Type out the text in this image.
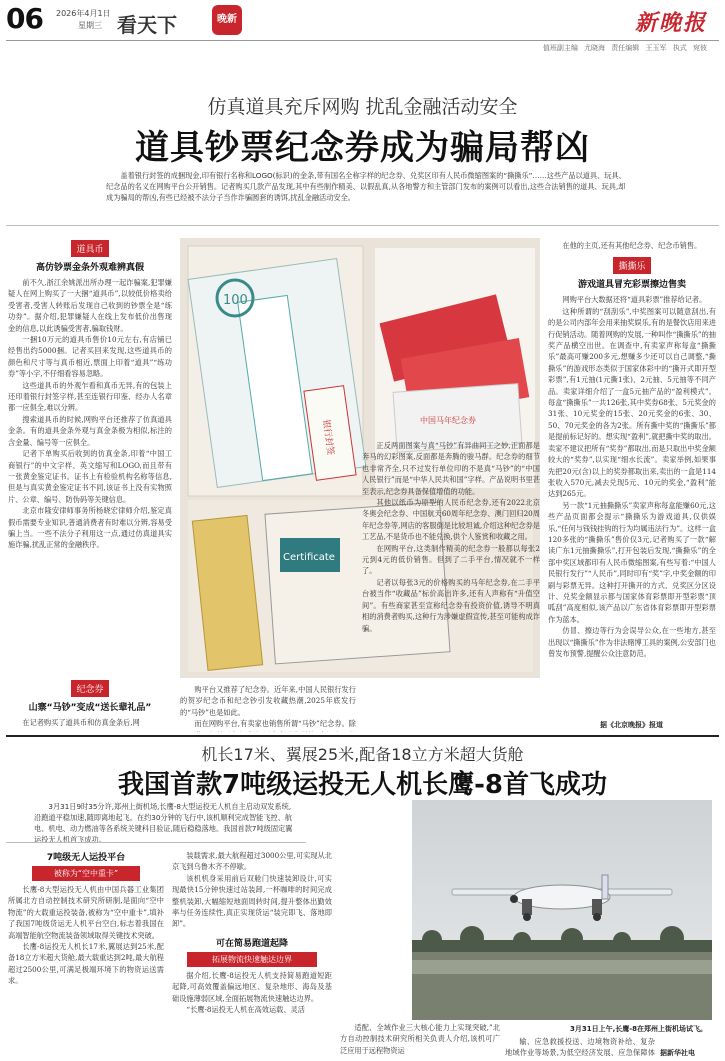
06 2026年4月1日
星期三 看天下	晚新	新晚报
值班副主编 尤晓海 责任编辑 王玉军 执式 宛彼
仿真道具充斥网购 扰乱金融活动安全
道具钞票纪念券成为骗局帮凶
盖着银行封签的成捆现金,印有银行名称和LOGO(标识)的金条,带有国名全称字样的纪念券、兑奖区印有人民币微缩图案的“撕撕乐”……这些产品以道具、玩具、纪念品的名义在网购平台公开销售。记者购买几款产品发现,其中有些制作精美、以假乱真,从各地警方和主管部门发布的案例可以看出,这些合法销售的道具、玩具,却成为骗局的帮凶,有些已经被不法分子当作诈骗圆套的诱饵,扰乱金融活动安全。
道具币
高仿钞票金条外观难辨真假

前不久,浙江余姚派出所办理一起诈骗案,犯罪嫌疑人在网上购买了一大捆“道具币”,以较低价格卖给受害者,受害人转账后发现自己收到的钞票全是“练功券”。据介绍,犯罪嫌疑人在线上发布低价出售现金的信息,以此诱骗受害者,骗取钱财。

一捆10万元的道具币售价10元左右,有店铺已经售出约5000捆。记者买回来发现,这些道具币的颜色和尺寸等与真币相近,票面上印着“道具”“练功券”等小字,不仔细看容易忽略。

这些道具币的外观乍看和真币无异,有的包装上还印着银行封签字样,甚至连银行印鉴、经办人名章都一应俱全,难以分辨。

搜索道具币的时候,网购平台还推荐了仿真道具金条。有的道具金条外观与真金条极为相似,标注的含金量、编号等一应俱全。

记者下单购买后收到的仿真金条,印着“中国工商银行”的中文字样、英文缩写和LOGO,而且带有一张黄金鉴定证书。证书上有检验机构名称等信息,但是与真实黄金鉴定证书不同,该证书上没有实物照片、公章、编号、防伪码等关键信息。

北京市隆安律师事务所杨晓宏律师介绍,鉴定真假币需要专业知识,普通消费者有时难以分辨,容易受骗上当。一些不法分子利用这一点,通过仿真道具实施诈骗,扰乱正常的金融秩序。

纪念券
山寨“马钞”变成“送长辈礼品”

在记者购买了道具币和仿真金条后,网

100
银行封签	中国马年纪念券
Certificate

购平台又推荐了纪念券。近年来,中国人民银行发行的贺岁纪念币和纪念钞引发收藏热潮,2025年底发行的“马钞”也是如此。

而在网购平台,有卖家也销售所谓“马钞”纪念券。除

正反两面图案与真“马钞”有异曲同工之妙,正面都是奔马的幻彩图案,反面都是奔腾的骏马群。纪念券的细节也非常齐全,只不过发行单位印的不是真“马钞”的“中国人民银行”而是“中华人民共和国”字样。产品说明书里甚至表示,纪念券具备保值增值的功能。

其他以纸币为原型的人民币纪念券,还有2022北京冬奥会纪念券、中国航天60周年纪念券、澳门回归20周年纪念券等,网店的客服倒是比较坦诚,介绍这种纪念券是工艺品,不是货币也不能兑换,供个人鉴赏和收藏之用。

在网购平台,这类制作精美的纪念券一般都以每张2元到4元的低价销售。但到了二手平台,情况就不一样了。

记者以每张3元的价格购买的马年纪念券,在二手平台被当作“收藏品”标价高出许多,还有人声称有“升值空间”。有些商家甚至宣称纪念券有投资价值,诱导不明真相的消费者购买,这种行为涉嫌虚假宣传,甚至可能构成诈骗。

在他的主页,还有其他纪念券、纪念币销售。

撕撕乐
游戏道具冒充彩票擦边售卖

网购平台大数据还将“道具彩票”推荐给记者。

这种所谓的“刮刮乐”,中奖图案可以随意刮出,有的是公司内部年会用来抽奖娱乐,有的是餐饮店用来进行促销活动。随着网购的发展,一种叫作“撕撕乐”的抽奖产品横空出世。在调查中,有卖家声称每盒“撕撕乐”最高可赚200多元,想赚多少还可以自己调整,“撕撕乐”的游戏形态类似于国家体彩中的“撕开式即开型彩票”,有1元抽(1元撕1张)、2元抽、5元抽等不同产品。卖家详细介绍了一盒5元抽产品的“盈利模式”。每盒“撕撕乐”一共126张,其中奖券68张、5元奖金的31张、10元奖金的15张、20元奖金的6张、30、50、70元奖金的各为2张。所有撕中奖的“撕撕乐”都是提前标记好的。想实现“盈利”,就把撕中奖的取出。卖家不建议把所有“奖券”都取出,而是只取出中奖金额较大的“奖券”,以实现“细水长流”。卖家举例,如果事先把20元(含)以上的奖券都取出来,卖出的一盒是114张收入570元,减去兑现5元、10元的奖金,“盈利”能达到265元。

另一款“1元抽撕撕乐”卖家声称每盒能赚60元,这些产品页面都会提示“撕撕乐为游戏道具,仅供娱乐,“任何与钱钱挂钩的行为均属违法行为”。这样一盒120多张的“撕撕乐”售价仅3元,记者购买了一款“解读广东1元抽撕撕乐”,打开包装后发现,“撕撕乐”的全部中奖区域都印有人民币微缩图案,有些写着:“中国人民银行发行”“人民币”,同时印有“奖”字,中奖金额的印刷与彩票无异。这种打开撕开的方式、兑奖区分区设计、兑奖金额显示都与国家体育彩票即开型彩票“顶呱刮”高度相似,该产品以广东省体育彩票即开型彩票作为蓝本。

仿冒、擦边等行为会误导公众,在一些地方,甚至出现以“撕撕乐”作为非法赌博工具的案例,公安部门也曾发布预警,提醒公众注意防范。

据《北京晚报》报道
机长17米、翼展25米,配备18立方米超大货舱
我国首款7吨级运投无人机长鹰-8首飞成功
3月31日9时35分许,郑州上街机场,长鹰-8大型运投无人机自主启动双发系统,沿跑道平稳加速,随即离地起飞。在约30分钟的飞行中,该机顺利完成智能飞控、航电、机电、动力燃油等各系统关键科目验证,随后稳稳落地。我国首款7吨级固定翼运投无人机首飞成功。
7吨级无人运投平台
被称为“空中重卡”

长鹰-8大型运投无人机由中国兵器工业集团所属北方自动控制技术研究所研制,是面向“空中物流”的大载重运投装备,被称为“空中重卡”,填补了我国7吨级货运无人机平台空白,标志着我国在高端智能航空物流装备领域取得关键技术突破。

长鹰-8运投无人机长17米,翼展达到25米,配备18立方米超大货舱,最大载重达到2吨,最大航程超过2500公里,可满足极端环境下的物资运送需求。

装载需求,最大航程超过3000公里,可实现从北京飞到乌鲁木齐不停歇。

该机机身采用前后双舱门快速装卸设计,可实现最快15分钟快速过站装卸,一杯咖啡的时间完成整机装卸,大幅缩短地面周转时间,提升整体出勤效率与任务连续性,真正实现货运“装完即飞、落地即卸”。

可在简易跑道起降
拓展物流快速触达边界

据介绍,长鹰-8运投无人机支持简易跑道短距起降,可高效覆盖偏远地区、复杂地形、海岛及基础设施薄弱区域,全面拓展物流快速触达边界。

“长鹰-8运投无人机在高效运载、灵活

3月31日上午,长鹰-8在郑州上街机场试飞。

适配、全域作业三大核心能力上实现突破,”北方自动控制技术研究所相关负责人介绍,该机可广泛应用于远程物资运

输、应急救援投送、边境物资补给、复杂地域作业等场景,为低空经济发展、应急保障体 据新华社电
